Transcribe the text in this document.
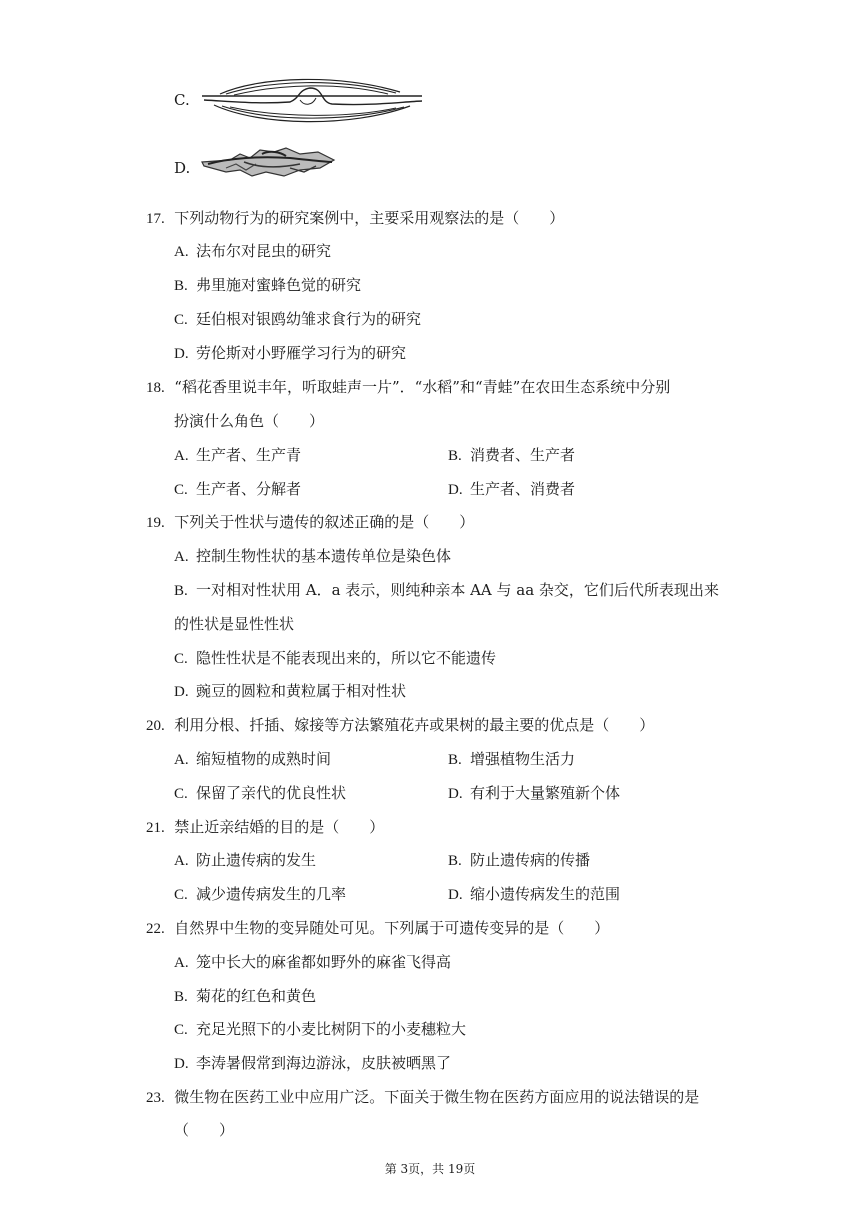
C.
D.
17. 下列动物行为的研究案例中，主要采用观察法的是（　　）
A. 法布尔对昆虫的研究
B. 弗里施对蜜蜂色觉的研究
C. 廷伯根对银鸥幼雏求食行为的研究
D. 劳伦斯对小野雁学习行为的研究
18. “稻花香里说丰年，听取蛙声一片”．“水稻”和“青蛙”在农田生态系统中分别
扮演什么角色（　　）
A. 生产者、生产青	B. 消费者、生产者
C. 生产者、分解者	D. 生产者、消费者
19. 下列关于性状与遗传的叙述正确的是（　　）
A. 控制生物性状的基本遗传单位是染色体
B. 一对相对性状用 A．a 表示，则纯种亲本 AA 与 aa 杂交，它们后代所表现出来
的性状是显性性状
C. 隐性性状是不能表现出来的，所以它不能遗传
D. 豌豆的圆粒和黄粒属于相对性状
20. 利用分根、扦插、嫁接等方法繁殖花卉或果树的最主要的优点是（　　）
A. 缩短植物的成熟时间	B. 增强植物生活力
C. 保留了亲代的优良性状	D. 有利于大量繁殖新个体
21. 禁止近亲结婚的目的是（　　）
A. 防止遗传病的发生	B. 防止遗传病的传播
C. 减少遗传病发生的几率	D. 缩小遗传病发生的范围
22. 自然界中生物的变异随处可见。下列属于可遗传变异的是（　　）
A. 笼中长大的麻雀都如野外的麻雀飞得高
B. 菊花的红色和黄色
C. 充足光照下的小麦比树阴下的小麦穗粒大
D. 李涛暑假常到海边游泳，皮肤被晒黑了
23. 微生物在医药工业中应用广泛。下面关于微生物在医药方面应用的说法错误的是
（　　）
第 3页，共 19页
